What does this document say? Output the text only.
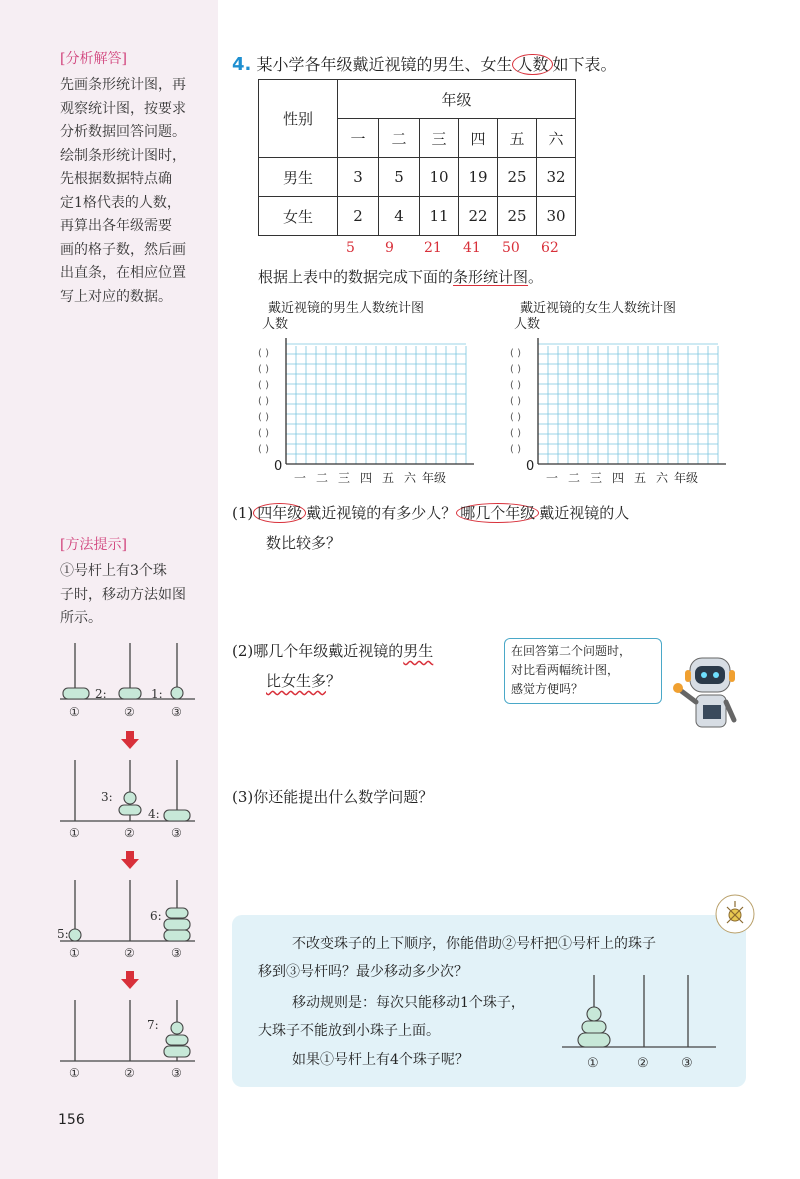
[分析解答]
先画条形统计图，再
观察统计图，按要求
分析数据回答问题。
绘制条形统计图时，
先根据数据特点确
定1格代表的人数，
再算出各年级需要
画的格子数，然后画
出直条，在相应位置
写上对应的数据。
[方法提示]
①号杆上有3个珠
子时，移动方法如图
所示。
2:	1:
3:
4:
5:
6:
7:
①	②	③
①	②	③
①	②	③
①	②	③
156
4. 某小学各年级戴近视镜的男生、女生 人数 如下表。
性别	年级					
	一	二	三	四	五	六
男生	3	5	10	19	25	32
女生	2	4	11	22	25	30
5 9 21 41 50 62
根据上表中的数据完成下面的条形统计图。
戴近视镜的男生人数统计图
人数
( )
( )
( )
( )
( )
( )
( )
0
一 二 三 四 五 六 年级
戴近视镜的女生人数统计图
人数
( )
( )
( )
( )
( )
( )
( )
0
一 二 三 四 五 六 年级
(1) 四年级 戴近视镜的有多少人？ 哪几个年级 戴近视镜的人
数比较多？
(2)哪几个年级戴近视镜的男生
比女生多？
在回答第二个问题时，
对比看两幅统计图，
感觉方便吗？
(3)你还能提出什么数学问题？
不改变珠子的上下顺序，你能借助②号杆把①号杆上的珠子
移到③号杆吗？最少移动多少次？
移动规则是：每次只能移动1个珠子，
大珠子不能放到小珠子上面。
如果①号杆上有4个珠子呢？	①	② ③
